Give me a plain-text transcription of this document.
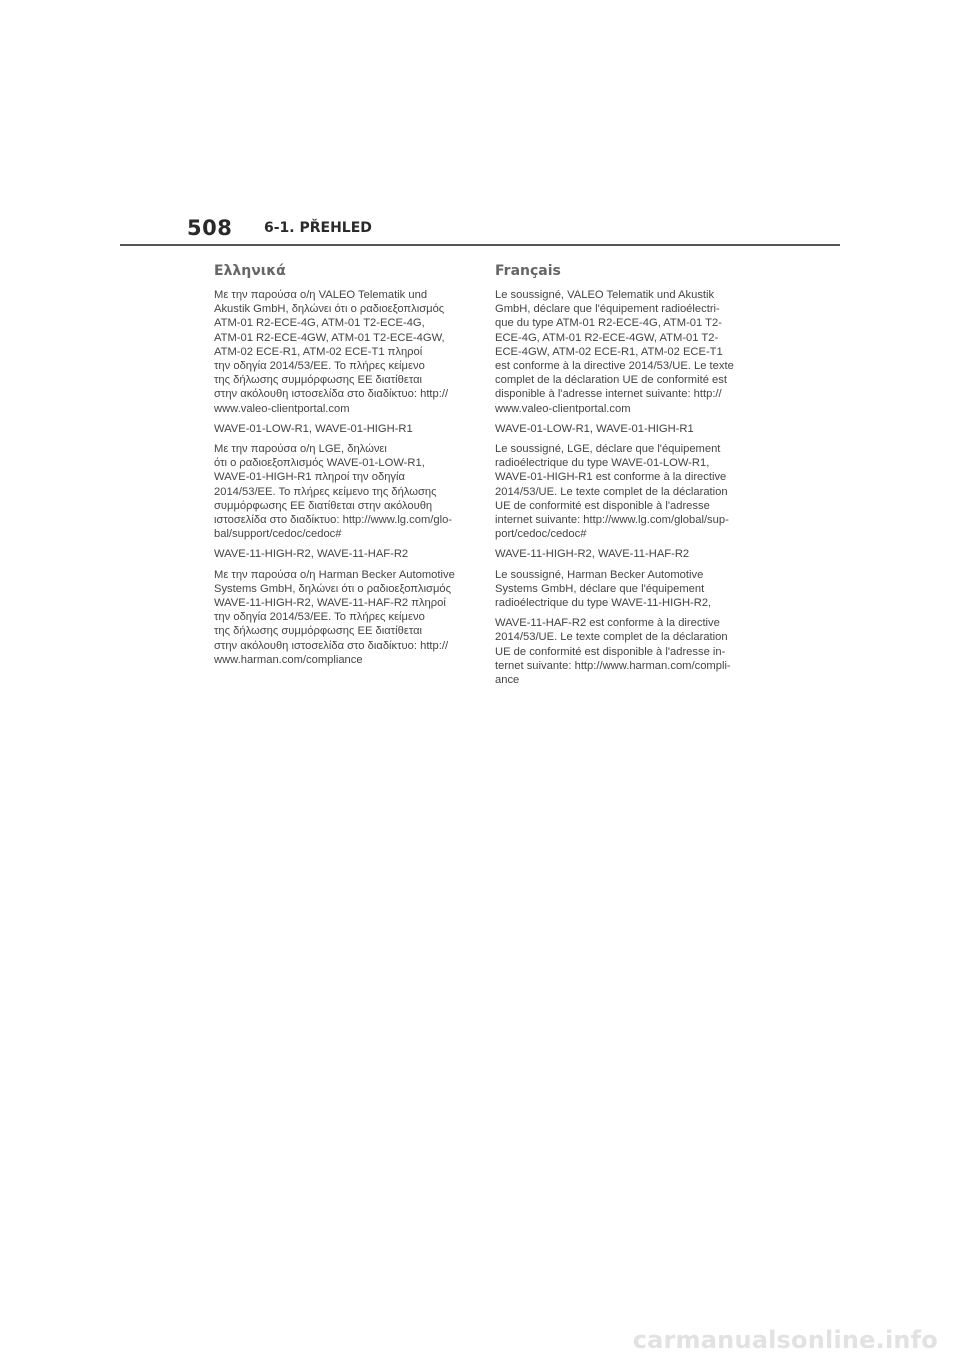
508 6-1. PŘEHLED
Ελληνικά

Με την παρούσα ο/η VALEO Telematik und
Akustik GmbH, δηλώνει ότι ο ραδιοεξοπλισμός
ATM-01 R2-ECE-4G, ATM-01 T2-ECE-4G,
ATM-01 R2-ECE-4GW, ATM-01 T2-ECE-4GW,
ATM-02 ECE-R1, ATM-02 ECE-T1 πληροί
την οδηγία 2014/53/ΕΕ. Το πλήρες κείμενο
της δήλωσης συμμόρφωσης ΕΕ διατίθεται
στην ακόλουθη ιστοσελίδα στο διαδίκτυο: http://
www.valeo-clientportal.com

WAVE-01-LOW-R1, WAVE-01-HIGH-R1

Με την παρούσα ο/η LGE, δηλώνει
ότι ο ραδιοεξοπλισμός WAVE-01-LOW-R1,
WAVE-01-HIGH-R1 πληροί την οδηγία
2014/53/ΕΕ. Το πλήρες κείμενο της δήλωσης
συμμόρφωσης ΕΕ διατίθεται στην ακόλουθη
ιστοσελίδα στο διαδίκτυο: http://www.lg.com/glo-
bal/support/cedoc/cedoc#

WAVE-11-HIGH-R2, WAVE-11-HAF-R2

Με την παρούσα ο/η Harman Becker Automotive
Systems GmbH, δηλώνει ότι ο ραδιοεξοπλισμός
WAVE-11-HIGH-R2, WAVE-11-HAF-R2 πληροί
την οδηγία 2014/53/ΕΕ. Το πλήρες κείμενο
της δήλωσης συμμόρφωσης ΕΕ διατίθεται
στην ακόλουθη ιστοσελίδα στο διαδίκτυο: http://
www.harman.com/compliance

Français

Le soussigné, VALEO Telematik und Akustik
GmbH, déclare que l'équipement radioélectri-
que du type ATM-01 R2-ECE-4G, ATM-01 T2-
ECE-4G, ATM-01 R2-ECE-4GW, ATM-01 T2-
ECE-4GW, ATM-02 ECE-R1, ATM-02 ECE-T1
est conforme à la directive 2014/53/UE. Le texte
complet de la déclaration UE de conformité est
disponible à l'adresse internet suivante: http://
www.valeo-clientportal.com

WAVE-01-LOW-R1, WAVE-01-HIGH-R1

Le soussigné, LGE, déclare que l'équipement
radioélectrique du type WAVE-01-LOW-R1,
WAVE-01-HIGH-R1 est conforme à la directive
2014/53/UE. Le texte complet de la déclaration
UE de conformité est disponible à l'adresse
internet suivante: http://www.lg.com/global/sup-
port/cedoc/cedoc#

WAVE-11-HIGH-R2, WAVE-11-HAF-R2

Le soussigné, Harman Becker Automotive
Systems GmbH, déclare que l'équipement
radioélectrique du type WAVE-11-HIGH-R2,

WAVE-11-HAF-R2 est conforme à la directive
2014/53/UE. Le texte complet de la déclaration
UE de conformité est disponible à l'adresse in-
ternet suivante: http://www.harman.com/compli-
ance

carmanualsonline.info
